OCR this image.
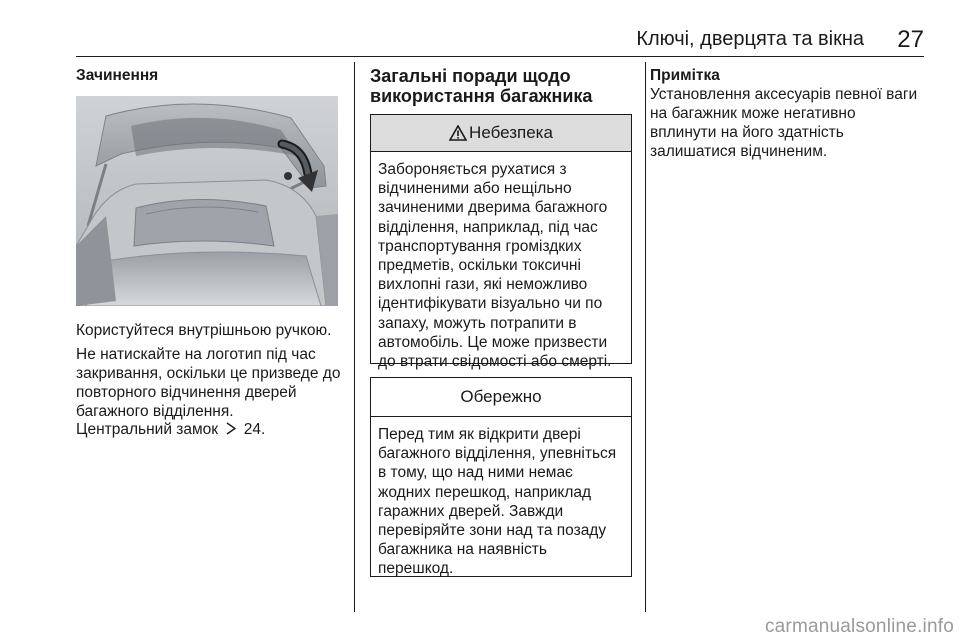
Ключі, дверцята та вікна 27
Зачинення
Користуйтеся внутрішньою ручкою.
Не натискайте на логотип під час закривання, оскільки це призведе до повторного відчинення дверей багажного відділення.
Центральний замок 24.
Загальні поради щодо
використання багажника
Небезпека
Забороняється рухатися з відчиненими або нещільно зачиненими дверима багажного відділення, наприклад, під час транспортування громіздких предметів, оскільки токсичні вихлопні гази, які неможливо ідентифікувати візуально чи по запаху, можуть потрапити в автомобіль. Це може призвести до втрати свідомості або смерті.
Обережно
Перед тим як відкрити двері багажного відділення, упевніться в тому, що над ними немає жодних перешкод, наприклад гаражних дверей. Завжди перевіряйте зони над та позаду багажника на наявність перешкод.
Примітка

Установлення аксесуарів певної ваги на багажник може негативно вплинути на його здатність залишатися відчиненим.

carmanualsonline.info
